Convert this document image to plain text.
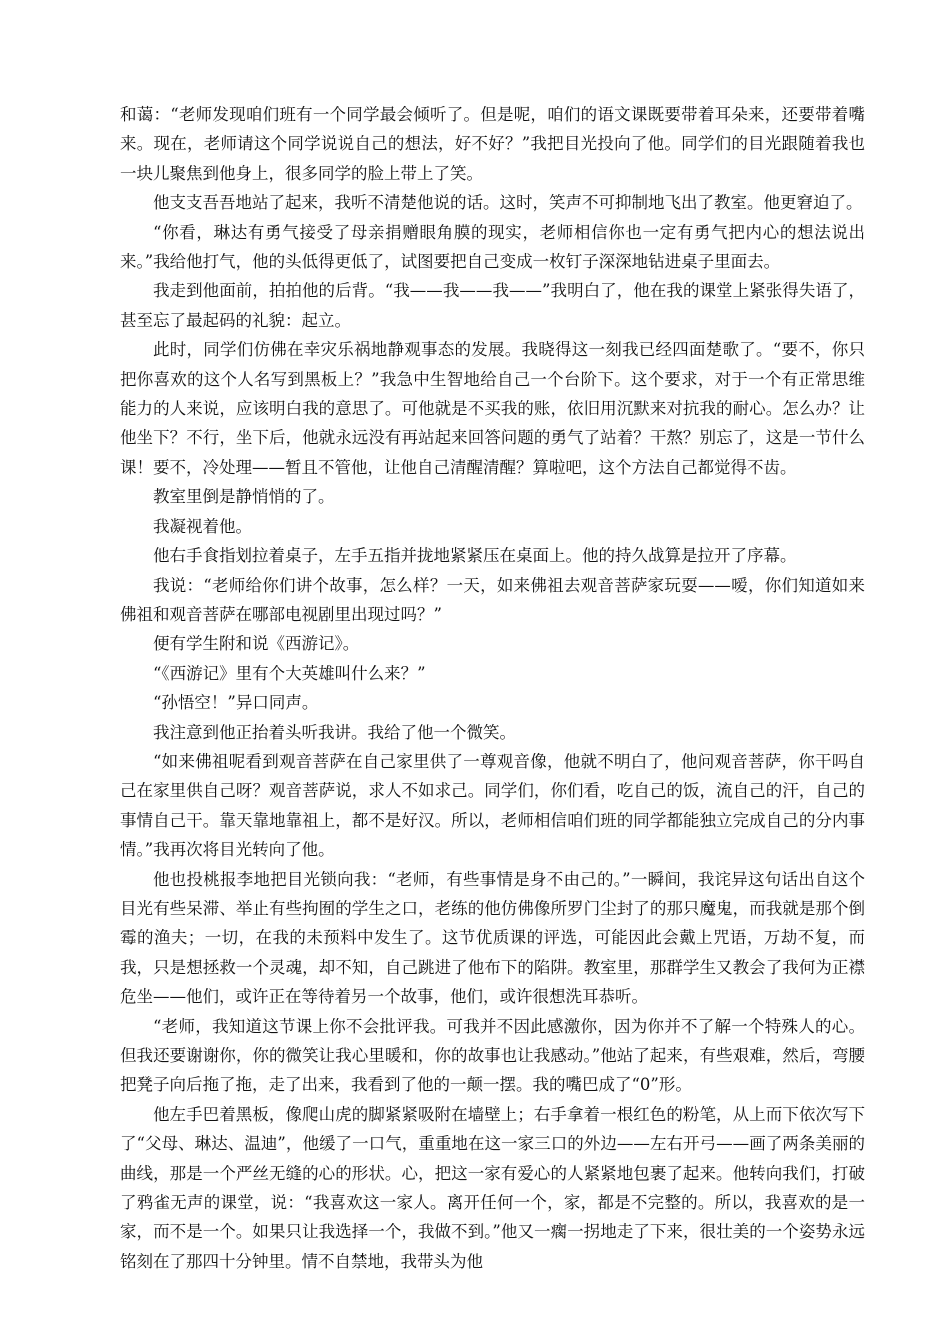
和蔼：“老师发现咱们班有一个同学最会倾听了。但是呢，咱们的语文课既要带着耳朵来，还要带着嘴来。现在，老师请这个同学说说自己的想法，好不好？”我把目光投向了他。同学们的目光跟随着我也一块儿聚焦到他身上，很多同学的脸上带上了笑。

他支支吾吾地站了起来，我听不清楚他说的话。这时，笑声不可抑制地飞出了教室。他更窘迫了。

“你看，琳达有勇气接受了母亲捐赠眼角膜的现实，老师相信你也一定有勇气把内心的想法说出来。”我给他打气，他的头低得更低了，试图要把自己变成一枚钉子深深地钻进桌子里面去。

我走到他面前，拍拍他的后背。“我——我——我——”我明白了，他在我的课堂上紧张得失语了，甚至忘了最起码的礼貌：起立。

此时，同学们仿佛在幸灾乐祸地静观事态的发展。我晓得这一刻我已经四面楚歌了。“要不，你只把你喜欢的这个人名写到黑板上？”我急中生智地给自己一个台阶下。这个要求，对于一个有正常思维能力的人来说，应该明白我的意思了。可他就是不买我的账，依旧用沉默来对抗我的耐心。怎么办？让他坐下？不行，坐下后，他就永远没有再站起来回答问题的勇气了站着？干熬？别忘了，这是一节什么课！要不，冷处理——暂且不管他，让他自己清醒清醒？算啦吧，这个方法自己都觉得不齿。

教室里倒是静悄悄的了。

我凝视着他。

他右手食指划拉着桌子，左手五指并拢地紧紧压在桌面上。他的持久战算是拉开了序幕。

我说：“老师给你们讲个故事，怎么样？一天，如来佛祖去观音菩萨家玩耍——嗳，你们知道如来佛祖和观音菩萨在哪部电视剧里出现过吗？”

便有学生附和说《西游记》。

“《西游记》里有个大英雄叫什么来？”

“孙悟空！”异口同声。

我注意到他正抬着头听我讲。我给了他一个微笑。

“如来佛祖呢看到观音菩萨在自己家里供了一尊观音像，他就不明白了，他问观音菩萨，你干吗自己在家里供自己呀？观音菩萨说，求人不如求己。同学们，你们看，吃自己的饭，流自己的汗，自己的事情自己干。靠天靠地靠祖上，都不是好汉。所以，老师相信咱们班的同学都能独立完成自己的分内事情。”我再次将目光转向了他。

他也投桃报李地把目光锁向我：“老师，有些事情是身不由己的。”一瞬间，我诧异这句话出自这个目光有些呆滞、举止有些拘囿的学生之口，老练的他仿佛像所罗门尘封了的那只魔鬼，而我就是那个倒霉的渔夫；一切，在我的未预料中发生了。这节优质课的评选，可能因此会戴上咒语，万劫不复，而我，只是想拯救一个灵魂，却不知，自己跳进了他布下的陷阱。教室里，那群学生又教会了我何为正襟危坐——他们，或许正在等待着另一个故事，他们，或许很想洗耳恭听。

“老师，我知道这节课上你不会批评我。可我并不因此感激你，因为你并不了解一个特殊人的心。但我还要谢谢你，你的微笑让我心里暖和，你的故事也让我感动。”他站了起来，有些艰难，然后，弯腰把凳子向后拖了拖，走了出来，我看到了他的一颠一摆。我的嘴巴成了“0”形。

他左手巴着黑板，像爬山虎的脚紧紧吸附在墙壁上；右手拿着一根红色的粉笔，从上而下依次写下了“父母、琳达、温迪”，他缓了一口气，重重地在这一家三口的外边——左右开弓——画了两条美丽的曲线，那是一个严丝无缝的心的形状。心，把这一家有爱心的人紧紧地包裹了起来。他转向我们，打破了鸦雀无声的课堂，说：“我喜欢这一家人。离开任何一个，家，都是不完整的。所以，我喜欢的是一家，而不是一个。如果只让我选择一个，我做不到。”他又一瘸一拐地走了下来，很壮美的一个姿势永远铭刻在了那四十分钟里。情不自禁地，我带头为他
